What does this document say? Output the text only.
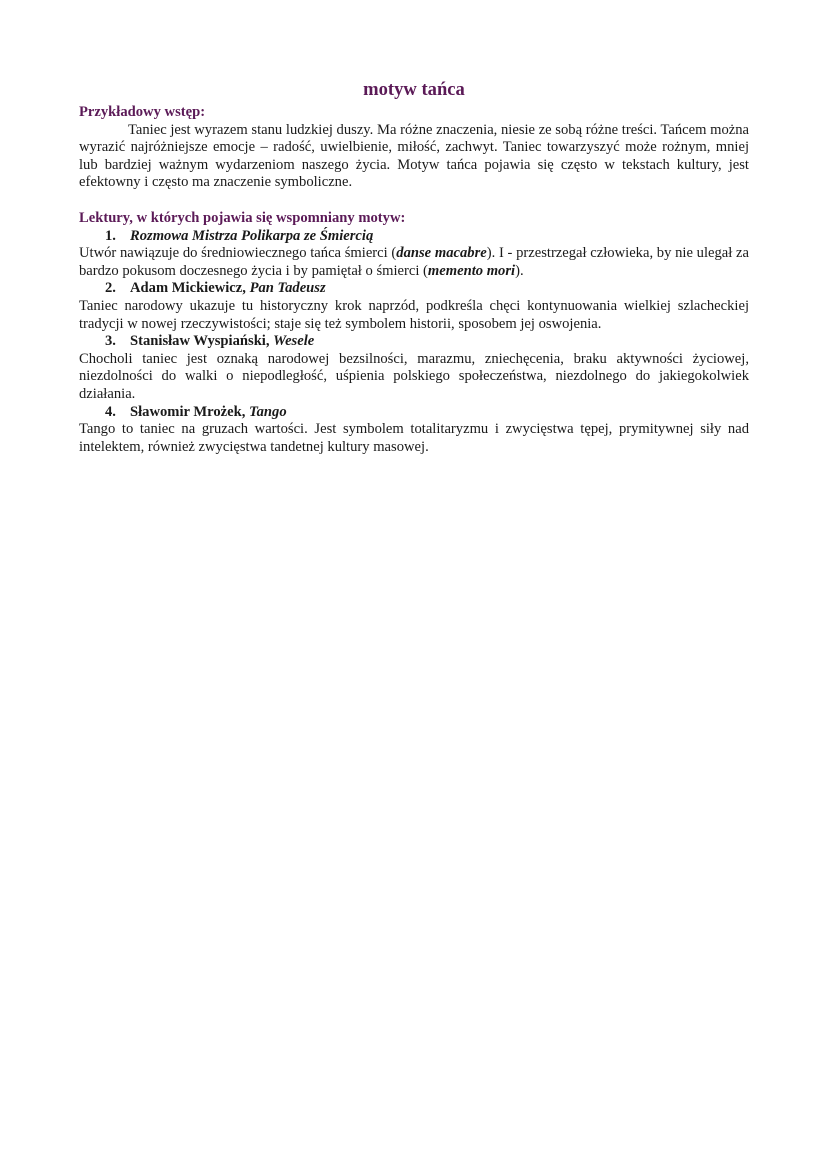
motyw tańca

Przykładowy wstęp:

Taniec jest wyrazem stanu ludzkiej duszy. Ma różne znaczenia, niesie ze sobą różne treści. Tańcem można wyrazić najróżniejsze emocje – radość, uwielbienie, miłość, zachwyt. Taniec towarzyszyć może rożnym, mniej lub bardziej ważnym wydarzeniom naszego życia. Motyw tańca pojawia się często w tekstach kultury, jest efektowny i często ma znaczenie symboliczne.

Lektury, w których pojawia się wspomniany motyw:

1. Rozmowa Mistrza Polikarpa ze Śmiercią

Utwór nawiązuje do średniowiecznego tańca śmierci (danse macabre). I - przestrzegał człowieka, by nie ulegał za bardzo pokusom doczesnego życia i by pamiętał o śmierci (memento mori).

2. Adam Mickiewicz, Pan Tadeusz

Taniec narodowy ukazuje tu historyczny krok naprzód, podkreśla chęci kontynuowania wielkiej szlacheckiej tradycji w nowej rzeczywistości; staje się też symbolem historii, sposobem jej oswojenia.

3. Stanisław Wyspiański, Wesele

Chocholi taniec jest oznaką narodowej bezsilności, marazmu, zniechęcenia, braku aktywności życiowej, niezdolności do walki o niepodległość, uśpienia polskiego społeczeństwa, niezdolnego do jakiegokolwiek działania.

4. Sławomir Mrożek, Tango

Tango to taniec na gruzach wartości. Jest symbolem totalitaryzmu i zwycięstwa tępej, prymitywnej siły nad intelektem, również zwycięstwa tandetnej kultury masowej.
